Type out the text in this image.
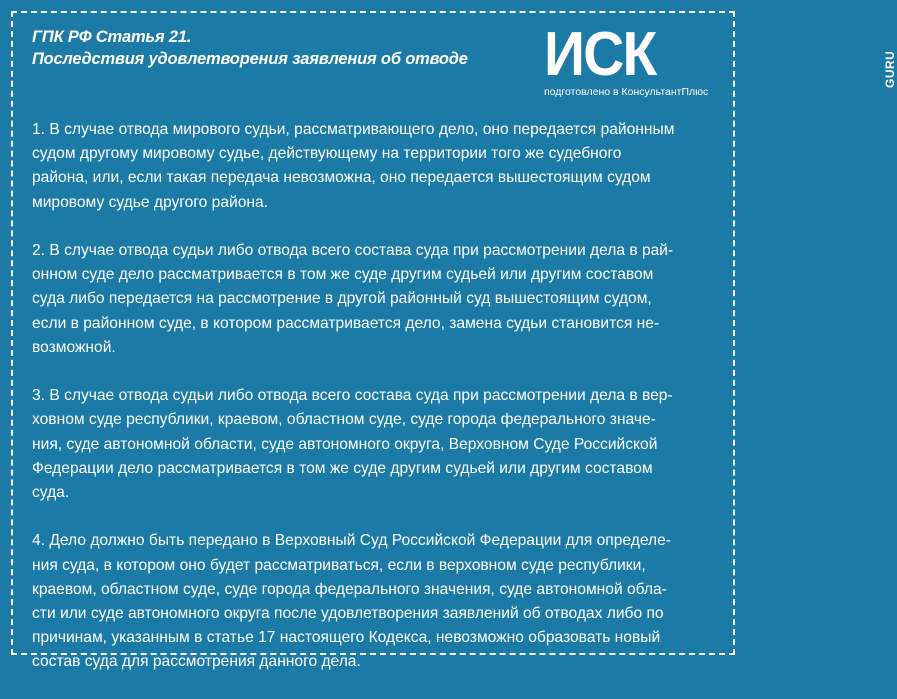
ГПК РФ Статья 21.
Последствия удовлетворения заявления об отводе	ИСК	GURU
подготовлено в КонсультантПлюс
1. В случае отвода мирового судьи, рассматривающего дело, оно передается районным
судом другому мировому судье, действующему на территории того же судебного
района, или, если такая передача невозможна, оно передается вышестоящим судом
мировому судье другого района.
2. В случае отвода судьи либо отвода всего состава суда при рассмотрении дела в рай-
онном суде дело рассматривается в том же суде другим судьей или другим составом
суда либо передается на рассмотрение в другой районный суд вышестоящим судом,
если в районном суде, в котором рассматривается дело, замена судьи становится не-
возможной.
3. В случае отвода судьи либо отвода всего состава суда при рассмотрении дела в вер-
ховном суде республики, краевом, областном суде, суде города федерального значе-
ния, суде автономной области, суде автономного округа, Верховном Суде Российской
Федерации дело рассматривается в том же суде другим судьей или другим составом
суда.
4. Дело должно быть передано в Верховный Суд Российской Федерации для определе-
ния суда, в котором оно будет рассматриваться, если в верховном суде республики,
краевом, областном суде, суде города федерального значения, суде автономной обла-
сти или суде автономного округа после удовлетворения заявлений об отводах либо по
причинам, указанным в статье 17 настоящего Кодекса, невозможно образовать новый
состав суда для рассмотрения данного дела.
